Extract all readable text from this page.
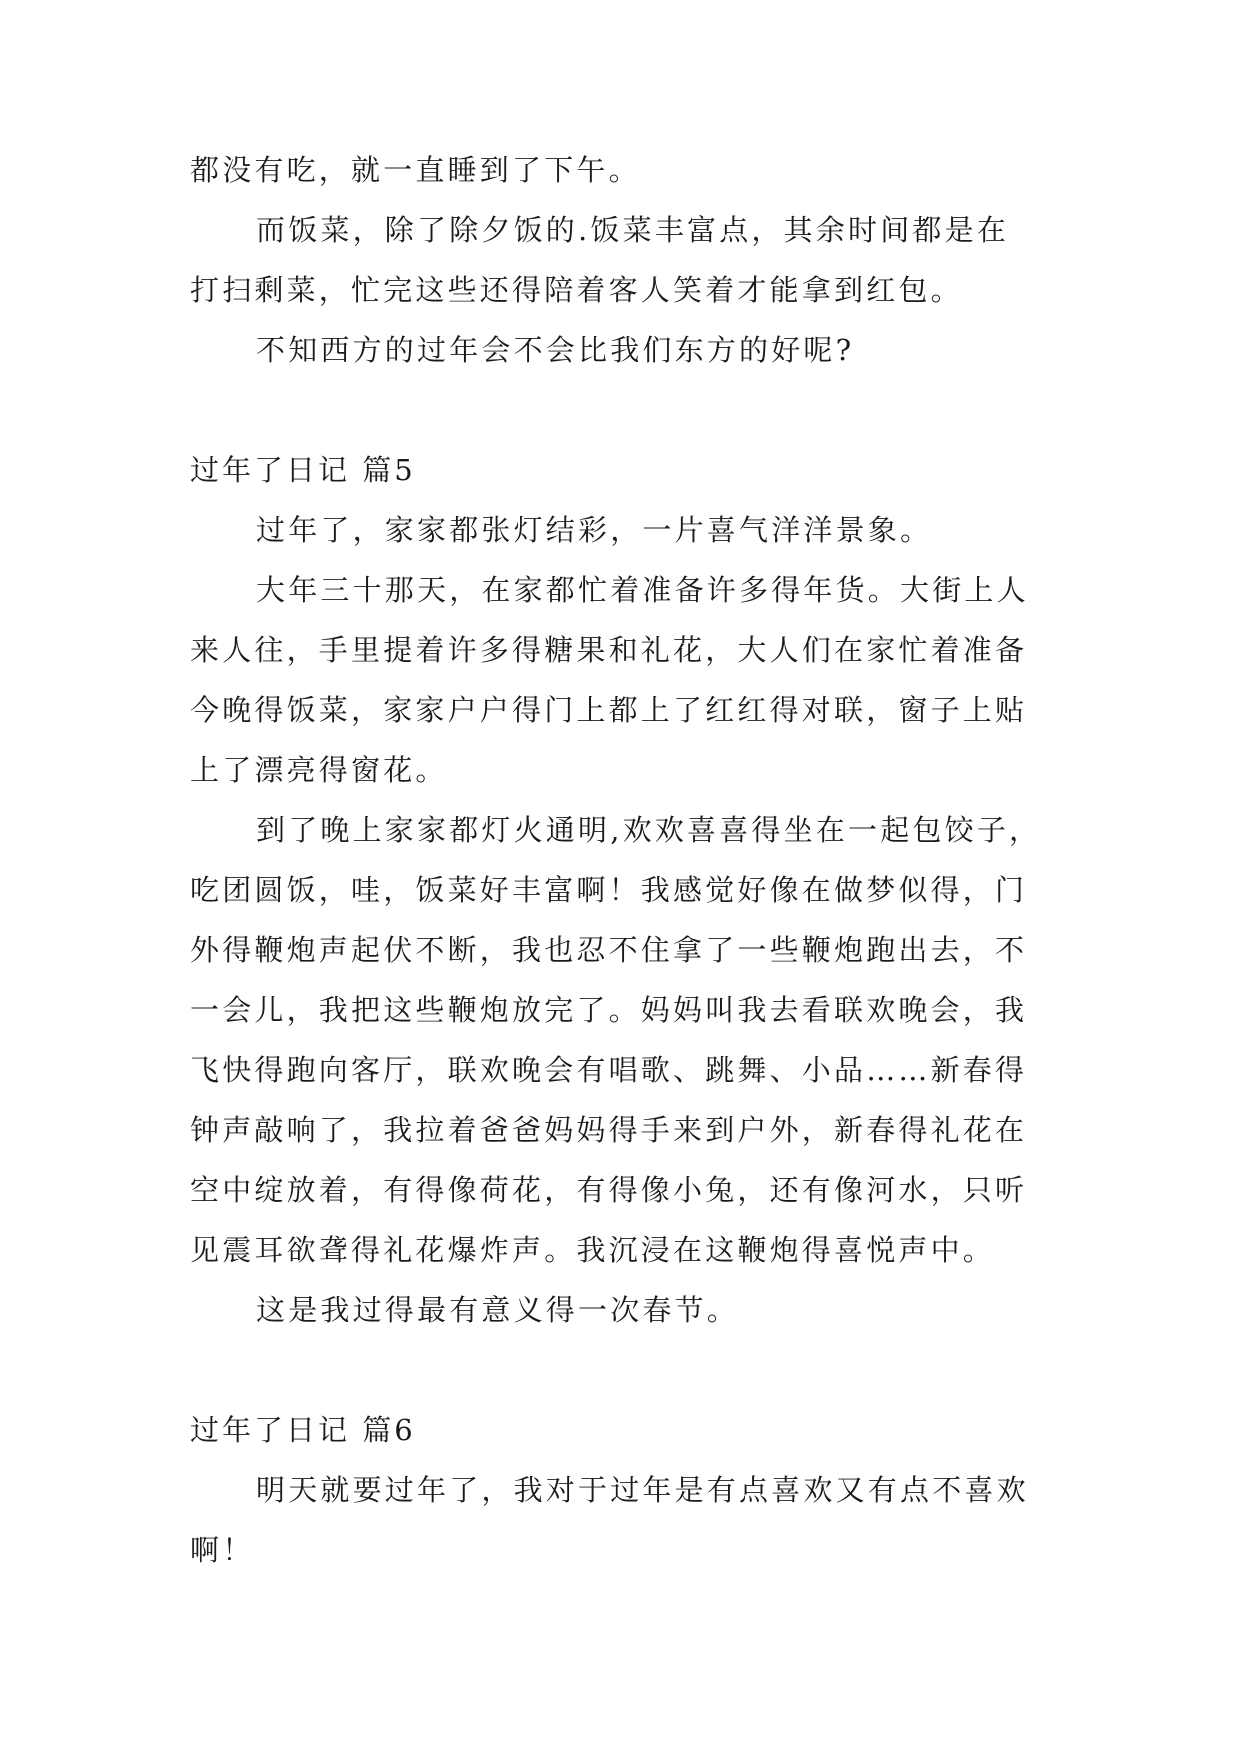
都没有吃，就一直睡到了下午。
而饭菜，除了除夕饭的.饭菜丰富点，其余时间都是在
打扫剩菜，忙完这些还得陪着客人笑着才能拿到红包。
不知西方的过年会不会比我们东方的好呢?
过年了日记 篇5
过年了，家家都张灯结彩，一片喜气洋洋景象。
大年三十那天，在家都忙着准备许多得年货。大街上人
来人往，手里提着许多得糖果和礼花，大人们在家忙着准备
今晚得饭菜，家家户户得门上都上了红红得对联，窗子上贴
上了漂亮得窗花。
到了晚上家家都灯火通明,欢欢喜喜得坐在一起包饺子，
吃团圆饭，哇，饭菜好丰富啊！我感觉好像在做梦似得，门
外得鞭炮声起伏不断，我也忍不住拿了一些鞭炮跑出去，不
一会儿，我把这些鞭炮放完了。妈妈叫我去看联欢晚会，我
飞快得跑向客厅，联欢晚会有唱歌、跳舞、小品……新春得
钟声敲响了，我拉着爸爸妈妈得手来到户外，新春得礼花在
空中绽放着，有得像荷花，有得像小兔，还有像河水，只听
见震耳欲聋得礼花爆炸声。我沉浸在这鞭炮得喜悦声中。
这是我过得最有意义得一次春节。
过年了日记 篇6
明天就要过年了，我对于过年是有点喜欢又有点不喜欢
啊！
